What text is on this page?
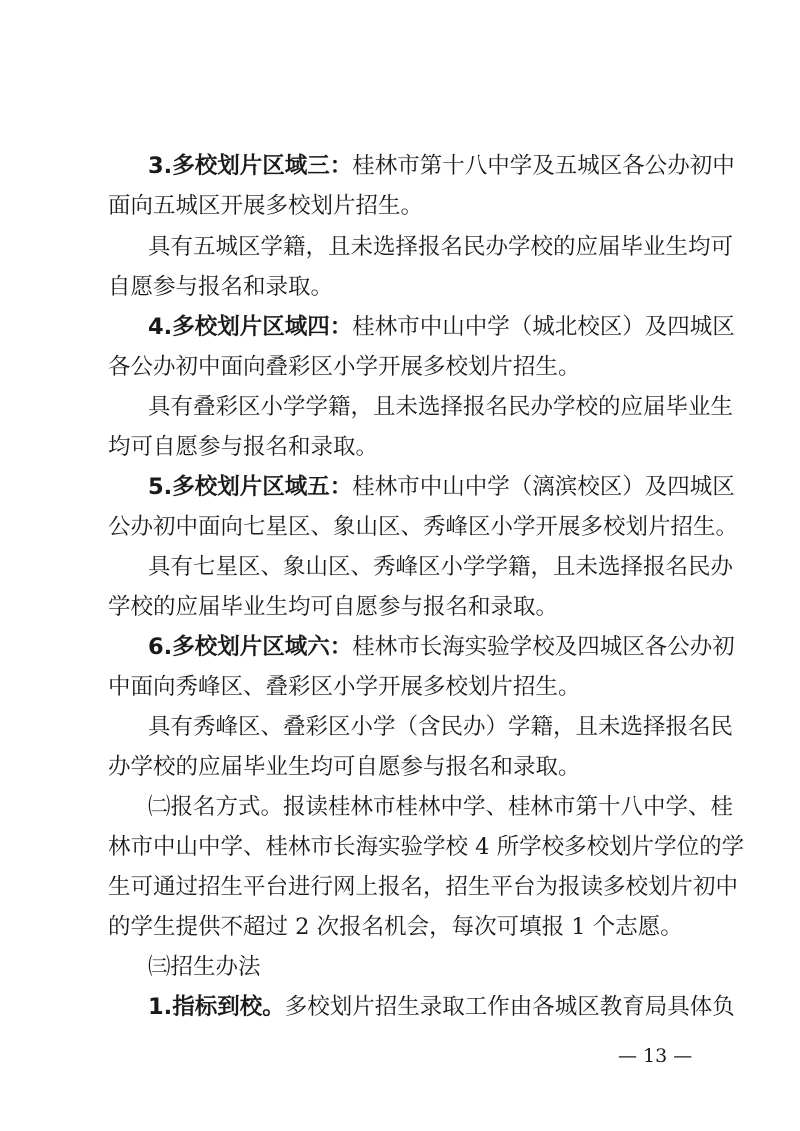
3.多校划片区域三：桂林市第十八中学及五城区各公办初中

面向五城区开展多校划片招生。

具有五城区学籍，且未选择报名民办学校的应届毕业生均可

自愿参与报名和录取。

4.多校划片区域四：桂林市中山中学（城北校区）及四城区

各公办初中面向叠彩区小学开展多校划片招生。

具有叠彩区小学学籍，且未选择报名民办学校的应届毕业生

均可自愿参与报名和录取。

5.多校划片区域五：桂林市中山中学（漓滨校区）及四城区

公办初中面向七星区、象山区、秀峰区小学开展多校划片招生。

具有七星区、象山区、秀峰区小学学籍，且未选择报名民办

学校的应届毕业生均可自愿参与报名和录取。

6.多校划片区域六：桂林市长海实验学校及四城区各公办初

中面向秀峰区、叠彩区小学开展多校划片招生。

具有秀峰区、叠彩区小学（含民办）学籍，且未选择报名民

办学校的应届毕业生均可自愿参与报名和录取。

㈡报名方式。报读桂林市桂林中学、桂林市第十八中学、桂

林市中山中学、桂林市长海实验学校 4 所学校多校划片学位的学

生可通过招生平台进行网上报名，招生平台为报读多校划片初中

的学生提供不超过 2 次报名机会，每次可填报 1 个志愿。

㈢招生办法

1.指标到校。多校划片招生录取工作由各城区教育局具体负

— 13 —
